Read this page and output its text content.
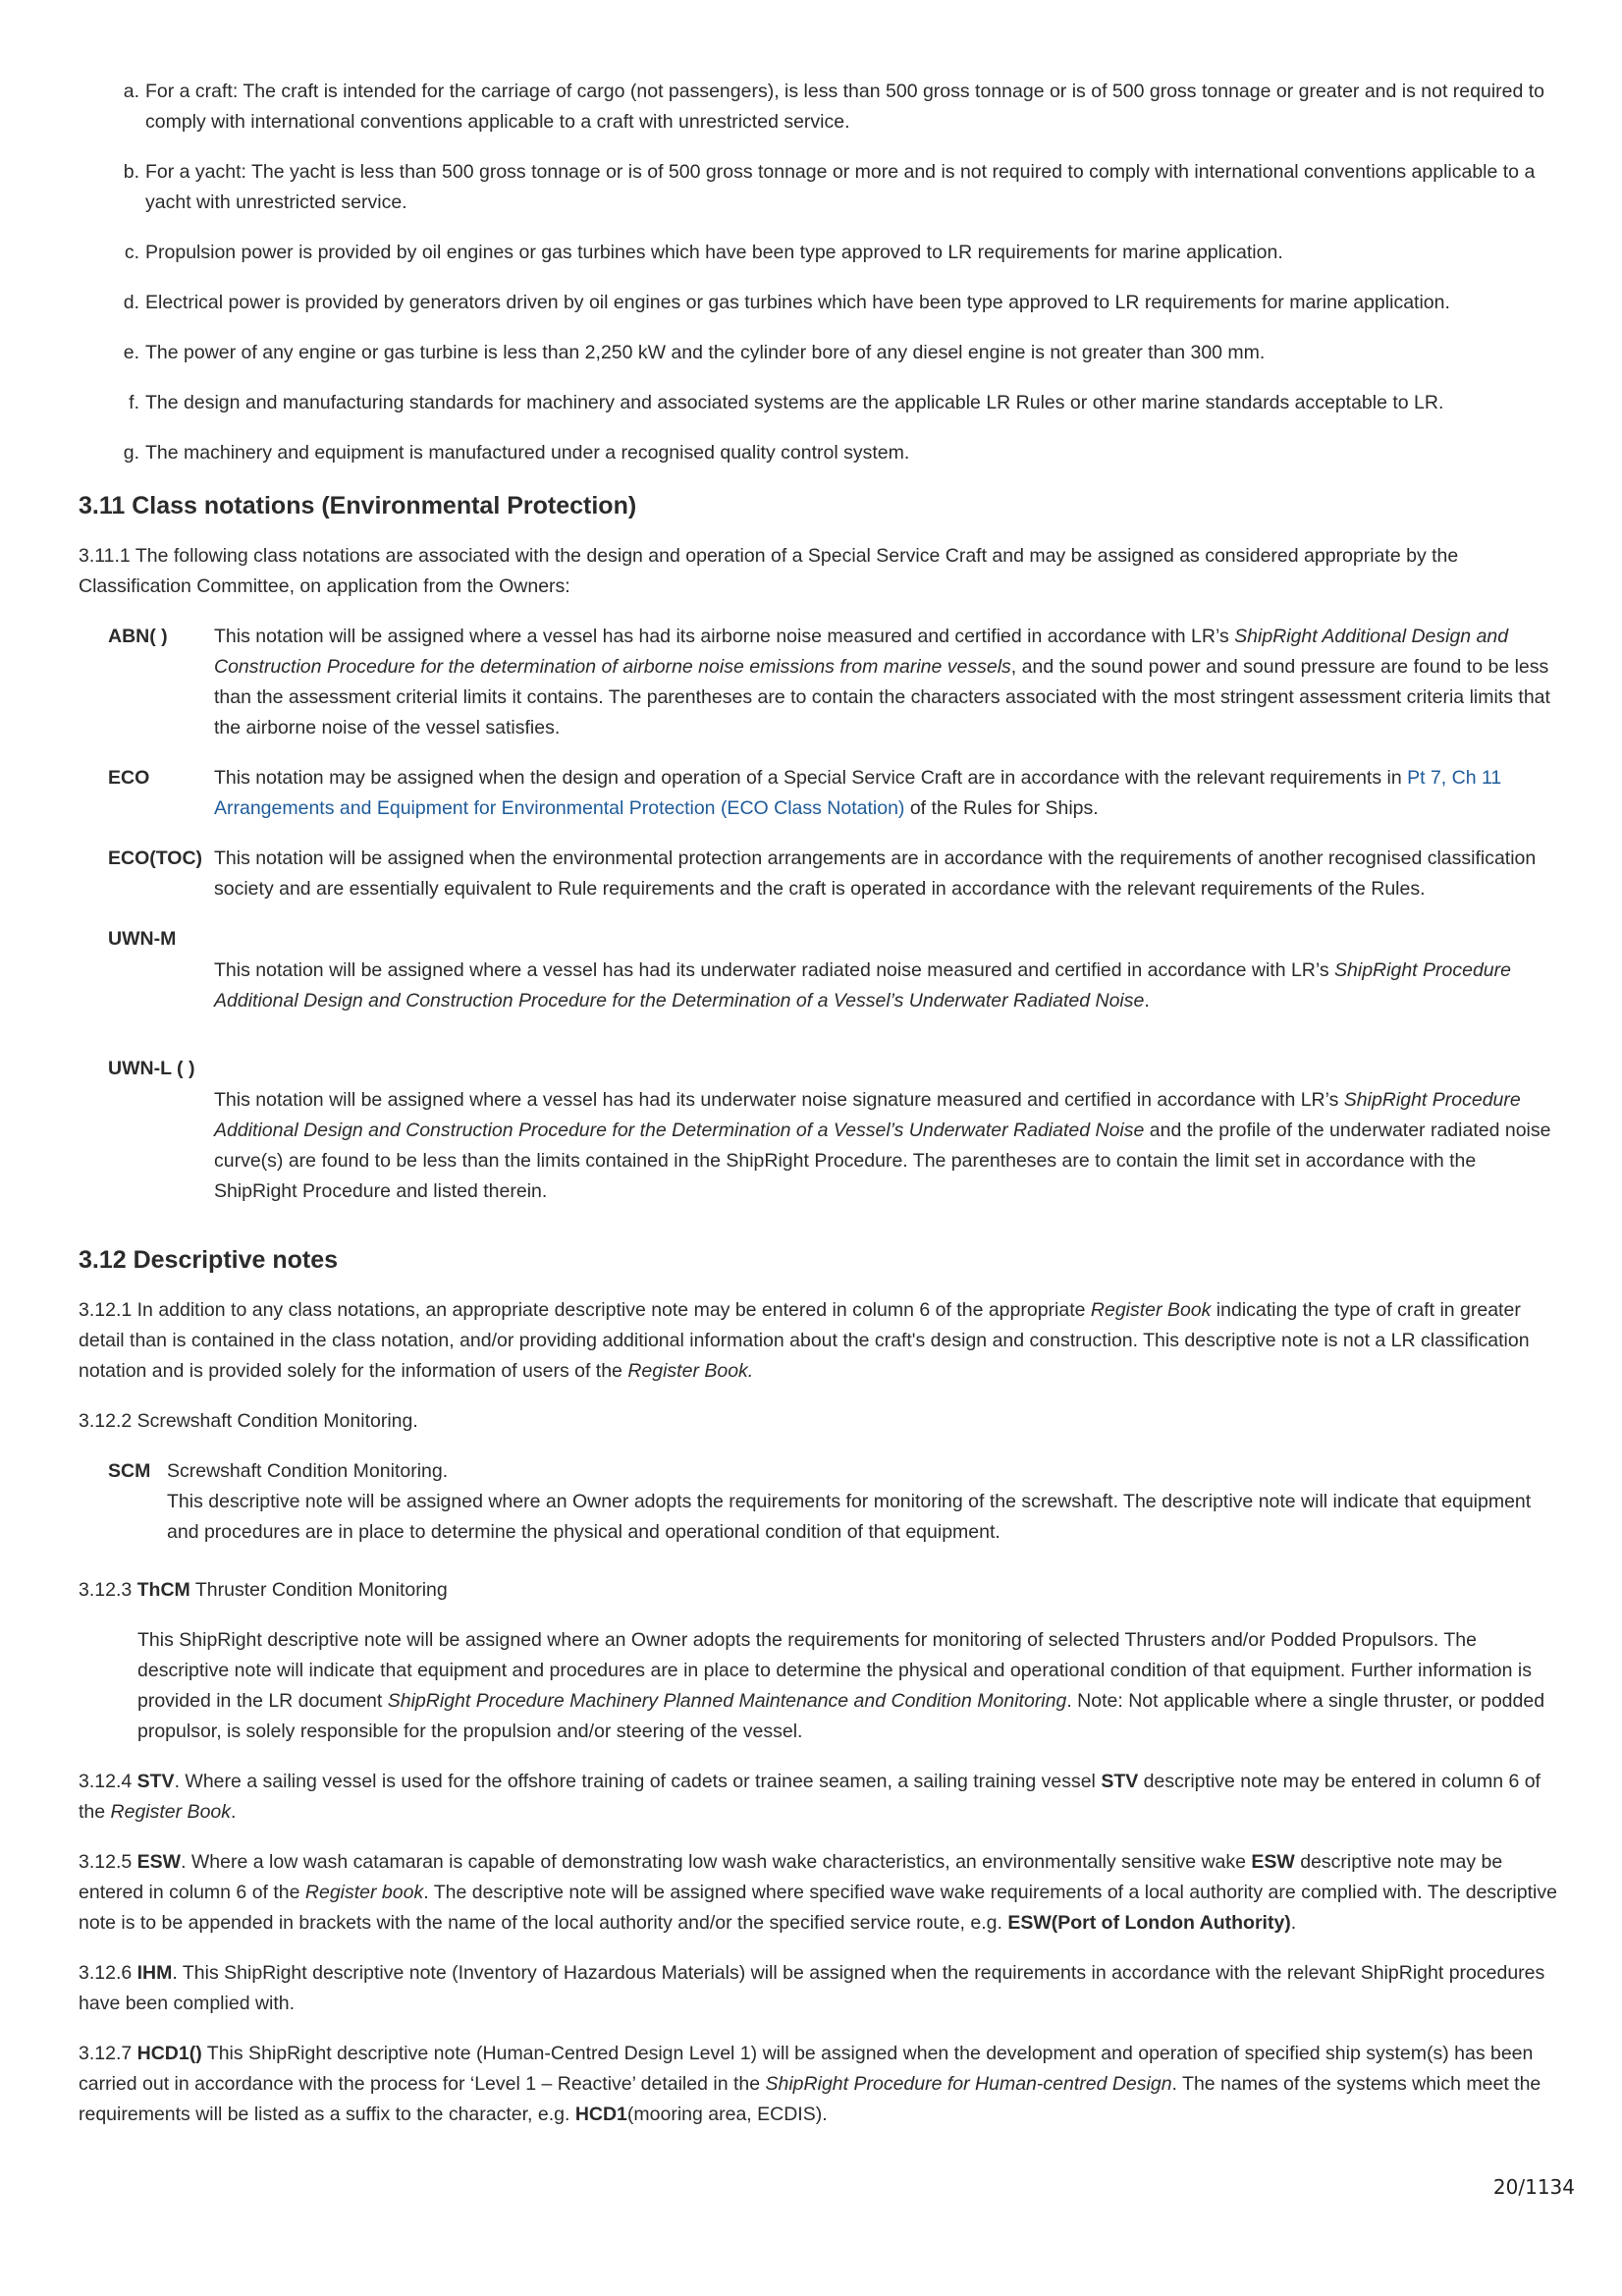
a. For a craft: The craft is intended for the carriage of cargo (not passengers), is less than 500 gross tonnage or is of 500 gross tonnage or greater and is not required to comply with international conventions applicable to a craft with unrestricted service.
b. For a yacht: The yacht is less than 500 gross tonnage or is of 500 gross tonnage or more and is not required to comply with international conventions applicable to a yacht with unrestricted service.
c. Propulsion power is provided by oil engines or gas turbines which have been type approved to LR requirements for marine application.
d. Electrical power is provided by generators driven by oil engines or gas turbines which have been type approved to LR requirements for marine application.
e. The power of any engine or gas turbine is less than 2,250 kW and the cylinder bore of any diesel engine is not greater than 300 mm.
f. The design and manufacturing standards for machinery and associated systems are the applicable LR Rules or other marine standards acceptable to LR.
g. The machinery and equipment is manufactured under a recognised quality control system.
3.11 Class notations (Environmental Protection)

3.11.1 The following class notations are associated with the design and operation of a Special Service Craft and may be assigned as considered appropriate by the Classification Committee, on application from the Owners:

ABN( )	This notation will be assigned where a vessel has had its airborne noise measured and certified in accordance with LR’s ShipRight Additional Design and Construction Procedure for the determination of airborne noise emissions from marine vessels, and the sound power and sound pressure are found to be less than the assessment criterial limits it contains. The parentheses are to contain the characters associated with the most stringent assessment criteria limits that the airborne noise of the vessel satisfies.
ECO	This notation may be assigned when the design and operation of a Special Service Craft are in accordance with the relevant requirements in Pt 7, Ch 11 Arrangements and Equipment for Environmental Protection (ECO Class Notation) of the Rules for Ships.
ECO(TOC) This notation will be assigned when the environmental protection arrangements are in accordance with the requirements of another recognised classification society and are essentially equivalent to Rule requirements and the craft is operated in accordance with the relevant requirements of the Rules.
UWN-M
This notation will be assigned where a vessel has had its underwater radiated noise measured and certified in accordance with LR’s ShipRight Procedure Additional Design and Construction Procedure for the Determination of a Vessel’s Underwater Radiated Noise.
UWN-L ( )
This notation will be assigned where a vessel has had its underwater noise signature measured and certified in accordance with LR’s ShipRight Procedure Additional Design and Construction Procedure for the Determination of a Vessel’s Underwater Radiated Noise and the profile of the underwater radiated noise curve(s) are found to be less than the limits contained in the ShipRight Procedure. The parentheses are to contain the limit set in accordance with the ShipRight Procedure and listed therein.
3.12 Descriptive notes

3.12.1 In addition to any class notations, an appropriate descriptive note may be entered in column 6 of the appropriate Register Book indicating the type of craft in greater detail than is contained in the class notation, and/or providing additional information about the craft's design and construction. This descriptive note is not a LR classification notation and is provided solely for the information of users of the Register Book.

3.12.2 Screwshaft Condition Monitoring.

SCM Screwshaft Condition Monitoring.
This descriptive note will be assigned where an Owner adopts the requirements for monitoring of the screwshaft. The descriptive note will indicate that equipment and procedures are in place to determine the physical and operational condition of that equipment.

3.12.3 ThCM Thruster Condition Monitoring

This ShipRight descriptive note will be assigned where an Owner adopts the requirements for monitoring of selected Thrusters and/or Podded Propulsors. The descriptive note will indicate that equipment and procedures are in place to determine the physical and operational condition of that equipment. Further information is provided in the LR document ShipRight Procedure Machinery Planned Maintenance and Condition Monitoring. Note: Not applicable where a single thruster, or podded propulsor, is solely responsible for the propulsion and/or steering of the vessel.

3.12.4 STV. Where a sailing vessel is used for the offshore training of cadets or trainee seamen, a sailing training vessel STV descriptive note may be entered in column 6 of the Register Book.

3.12.5 ESW. Where a low wash catamaran is capable of demonstrating low wash wake characteristics, an environmentally sensitive wake ESW descriptive note may be entered in column 6 of the Register book. The descriptive note will be assigned where specified wave wake requirements of a local authority are complied with. The descriptive note is to be appended in brackets with the name of the local authority and/or the specified service route, e.g. ESW(Port of London Authority).

3.12.6 IHM. This ShipRight descriptive note (Inventory of Hazardous Materials) will be assigned when the requirements in accordance with the relevant ShipRight procedures have been complied with.

3.12.7 HCD1() This ShipRight descriptive note (Human-Centred Design Level 1) will be assigned when the development and operation of specified ship system(s) has been carried out in accordance with the process for ‘Level 1 – Reactive’ detailed in the ShipRight Procedure for Human-centred Design. The names of the systems which meet the requirements will be listed as a suffix to the character, e.g. HCD1(mooring area, ECDIS).

20/1134
